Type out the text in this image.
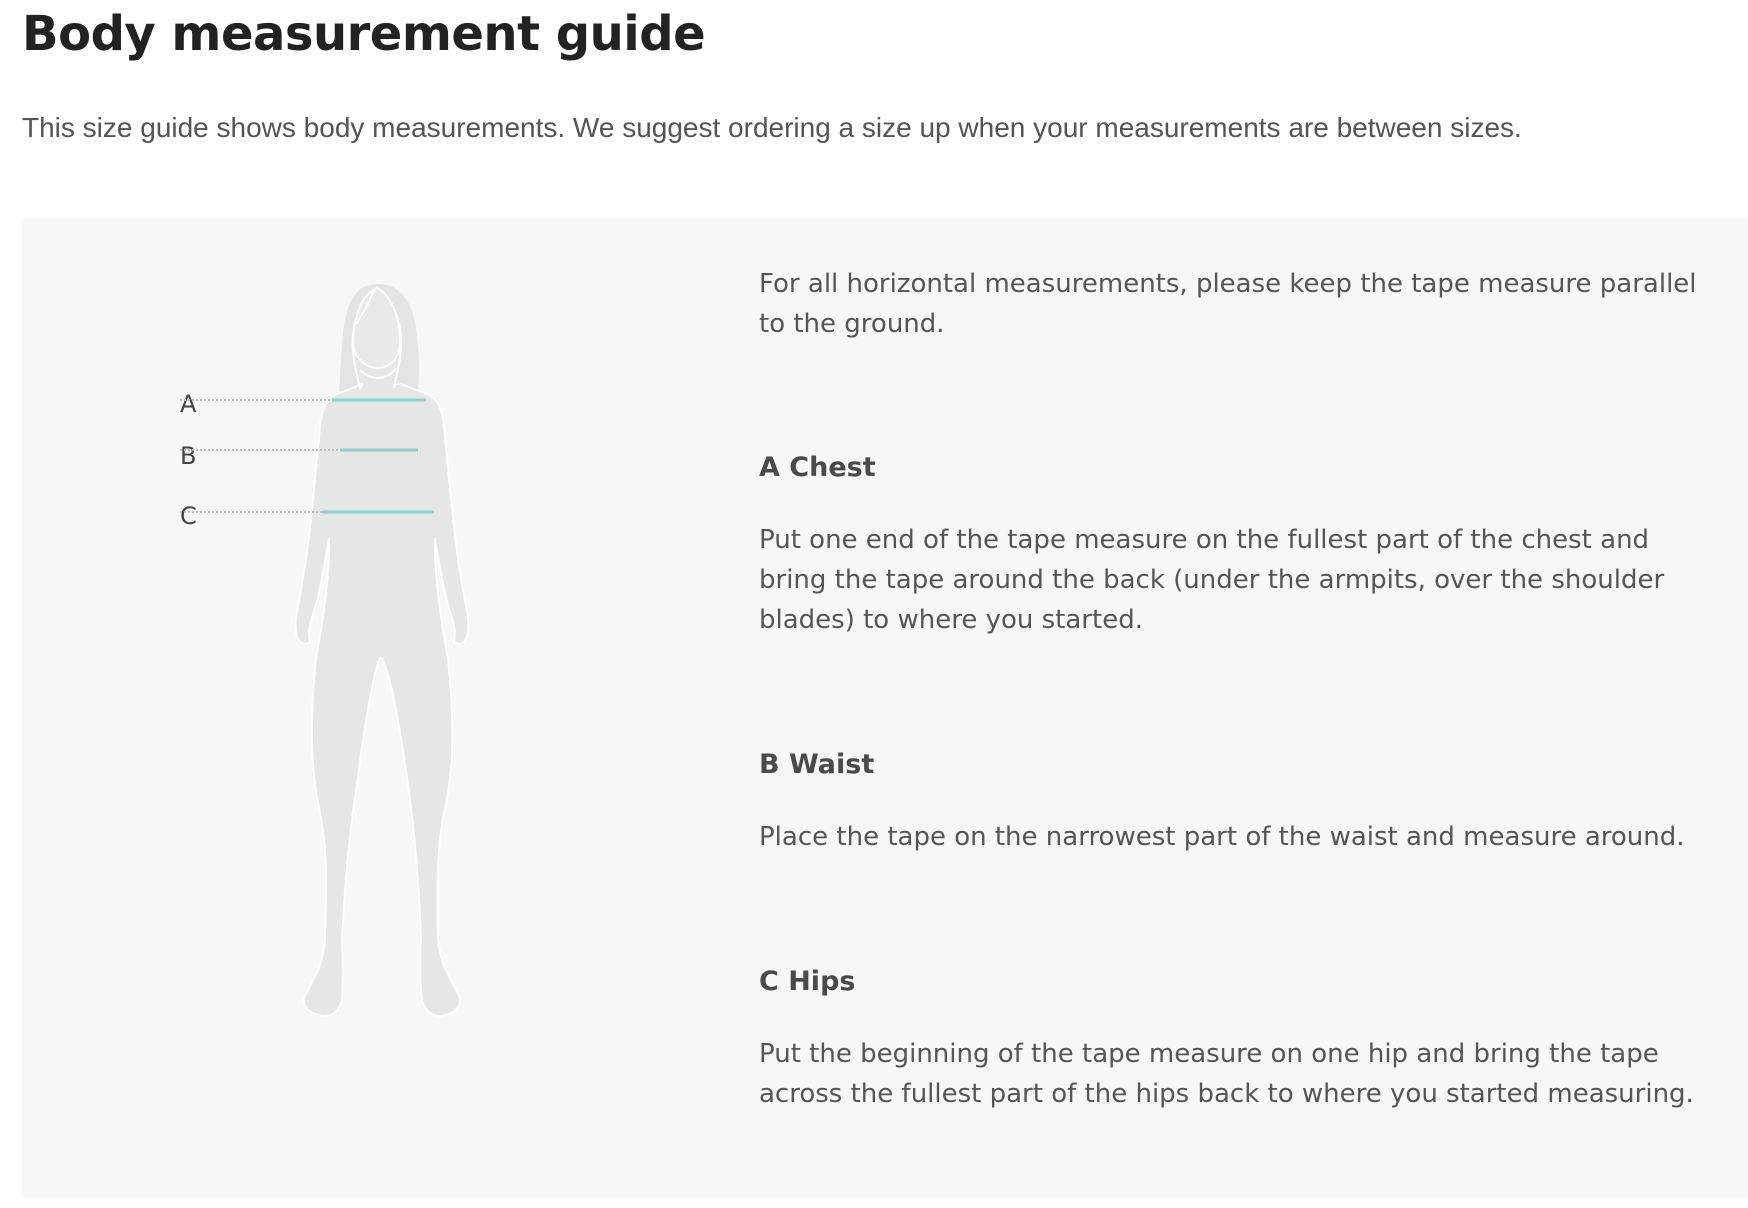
Body measurement guide

This size guide shows body measurements. We suggest ordering a size up when your measurements are between sizes.

A
B
C

For all horizontal measurements, please keep the tape measure parallel to the ground.

A Chest

Put one end of the tape measure on the fullest part of the chest and bring the tape around the back (under the armpits, over the shoulder blades) to where you started.

B Waist

Place the tape on the narrowest part of the waist and measure around.

C Hips

Put the beginning of the tape measure on one hip and bring the tape across the fullest part of the hips back to where you started measuring.
